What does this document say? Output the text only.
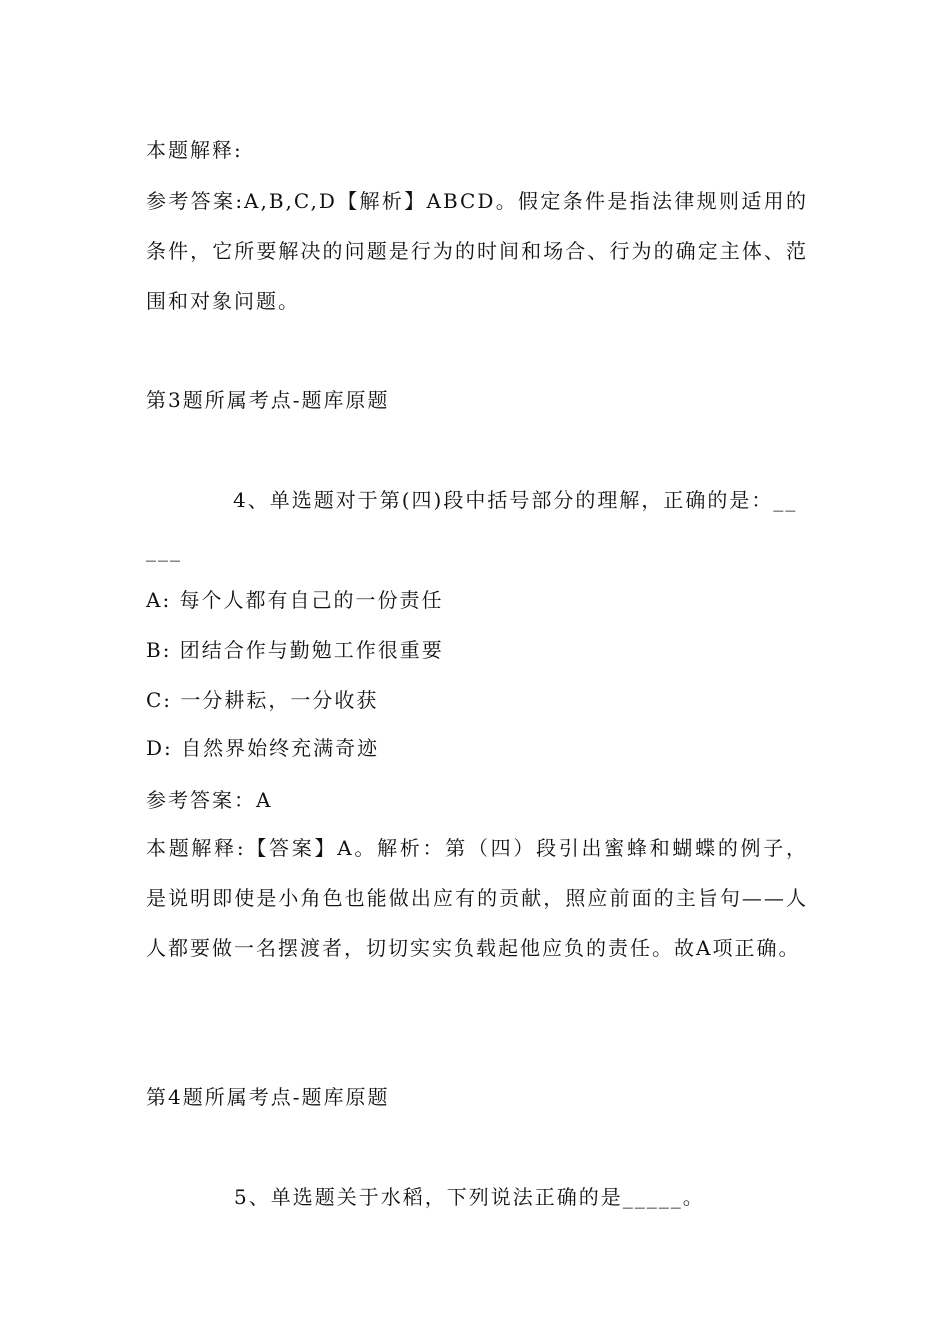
本题解释:
参考答案:A,B,C,D【解析】ABCD。假定条件是指法律规则适用的条件，它所要解决的问题是行为的时间和场合、行为的确定主体、范围和对象问题。
第3题所属考点-题库原题
4、单选题对于第(四)段中括号部分的理解，正确的是：__
___
A: 每个人都有自己的一份责任
B: 团结合作与勤勉工作很重要
C: 一分耕耘，一分收获
D: 自然界始终充满奇迹
参考答案：A
本题解释:【答案】A。解析：第（四）段引出蜜蜂和蝴蝶的例子，是说明即使是小角色也能做出应有的贡献，照应前面的主旨句——人人都要做一名摆渡者，切切实实负载起他应负的责任。故A项正确。
第4题所属考点-题库原题
5、单选题关于水稻，下列说法正确的是_____。
